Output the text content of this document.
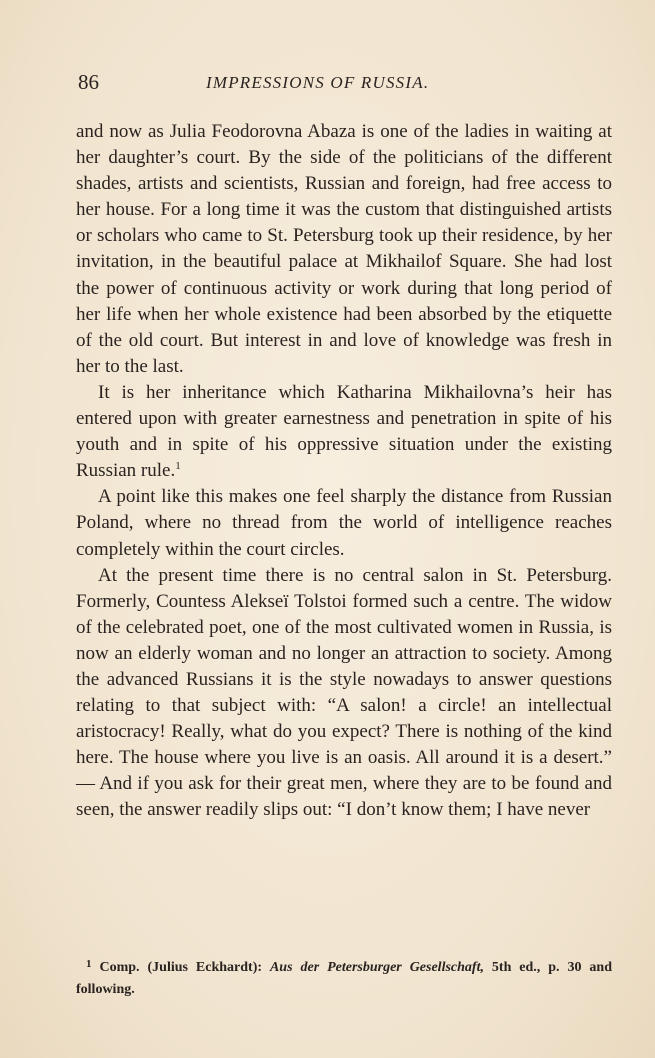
86	IMPRESSIONS OF RUSSIA.

and now as Julia Feodorovna Abaza is one of the ladies in waiting at her daughter’s court. By the side of the politicians of the different shades, artists and scientists, Russian and foreign, had free access to her house. For a long time it was the custom that distinguished artists or scholars who came to St. Petersburg took up their residence, by her invitation, in the beautiful palace at Mikhailof Square. She had lost the power of continuous activity or work during that long period of her life when her whole existence had been absorbed by the etiquette of the old court. But interest in and love of knowledge was fresh in her to the last.

It is her inheritance which Katharina Mikhailovna’s heir has entered upon with greater earnestness and penetration in spite of his youth and in spite of his oppressive situation under the existing Russian rule.$^1$

A point like this makes one feel sharply the distance from Russian Poland, where no thread from the world of intelligence reaches completely within the court circles.

At the present time there is no central salon in St. Petersburg. Formerly, Countess Alekseï Tolstoi formed such a centre. The widow of the celebrated poet, one of the most cultivated women in Russia, is now an elderly woman and no longer an attraction to society. Among the advanced Russians it is the style nowadays to answer questions relating to that subject with: “A salon! a circle! an intellectual aristocracy! Really, what do you expect? There is nothing of the kind here. The house where you live is an oasis. All around it is a desert.” — And if you ask for their great men, where they are to be found and seen, the answer readily slips out: “I don’t know them; I have never

$^1$ Comp. (Julius Eckhardt): Aus der Petersburger Gesellschaft, 5th ed., p. 30 and following.
